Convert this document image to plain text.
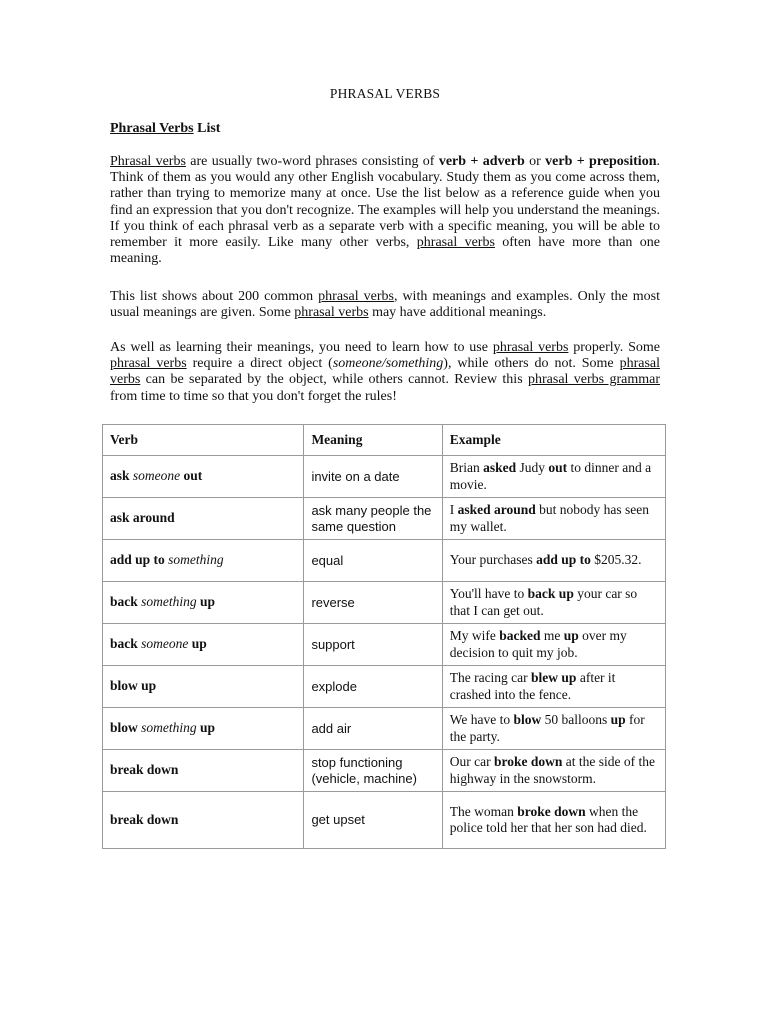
PHRASAL VERBS
Phrasal Verbs List
Phrasal verbs are usually two-word phrases consisting of verb + adverb or verb + preposition. Think of them as you would any other English vocabulary. Study them as you come across them, rather than trying to memorize many at once. Use the list below as a reference guide when you find an expression that you don't recognize. The examples will help you understand the meanings. If you think of each phrasal verb as a separate verb with a specific meaning, you will be able to remember it more easily. Like many other verbs, phrasal verbs often have more than one meaning.
This list shows about 200 common phrasal verbs, with meanings and examples. Only the most usual meanings are given. Some phrasal verbs may have additional meanings.
As well as learning their meanings, you need to learn how to use phrasal verbs properly. Some phrasal verbs require a direct object (someone/something), while others do not. Some phrasal verbs can be separated by the object, while others cannot. Review this phrasal verbs grammar from time to time so that you don't forget the rules!
Verb	Meaning	Example
ask someone out	invite on a date	Brian asked Judy out to dinner and a movie.
ask around	ask many people the same question	I asked around but nobody has seen my wallet.
add up to something	equal	Your purchases add up to $205.32.
back something up	reverse	You'll have to back up your car so that I can get out.
back someone up	support	My wife backed me up over my decision to quit my job.
blow up	explode	The racing car blew up after it crashed into the fence.
blow something up	add air	We have to blow 50 balloons up for the party.
break down	stop functioning (vehicle, machine)	Our car broke down at the side of the highway in the snowstorm.
break down	get upset	The woman broke down when the police told her that her son had died.
